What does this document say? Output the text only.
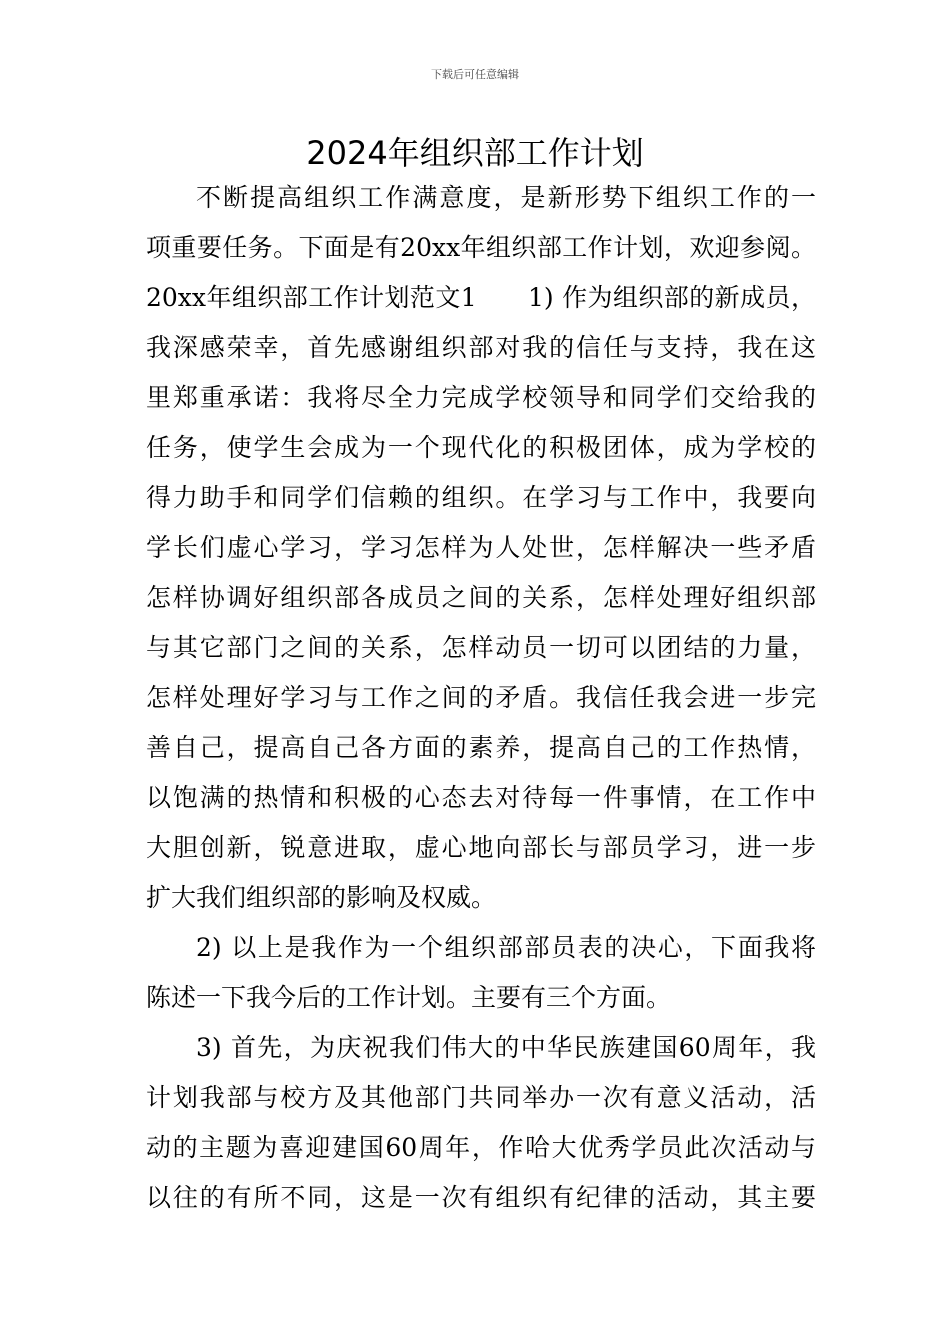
下载后可任意编辑
2024年组织部工作计划
不断提高组织工作满意度，是新形势下组织工作的一
项重要任务。下面是有20xx年组织部工作计划，欢迎参阅。
20xx年组织部工作计划范文1　　1) 作为组织部的新成员，
我深感荣幸，首先感谢组织部对我的信任与支持，我在这
里郑重承诺：我将尽全力完成学校领导和同学们交给我的
任务，使学生会成为一个现代化的积极团体，成为学校的
得力助手和同学们信赖的组织。在学习与工作中，我要向
学长们虚心学习，学习怎样为人处世，怎样解决一些矛盾
怎样协调好组织部各成员之间的关系，怎样处理好组织部
与其它部门之间的关系，怎样动员一切可以团结的力量，
怎样处理好学习与工作之间的矛盾。我信任我会进一步完
善自己，提高自己各方面的素养，提高自己的工作热情，
以饱满的热情和积极的心态去对待每一件事情，在工作中
大胆创新，锐意进取，虚心地向部长与部员学习，进一步
扩大我们组织部的影响及权威。
2) 以上是我作为一个组织部部员表的决心，下面我将
陈述一下我今后的工作计划。主要有三个方面。
3) 首先，为庆祝我们伟大的中华民族建国60周年，我
计划我部与校方及其他部门共同举办一次有意义活动，活
动的主题为喜迎建国60周年，作哈大优秀学员此次活动与
以往的有所不同，这是一次有组织有纪律的活动，其主要
